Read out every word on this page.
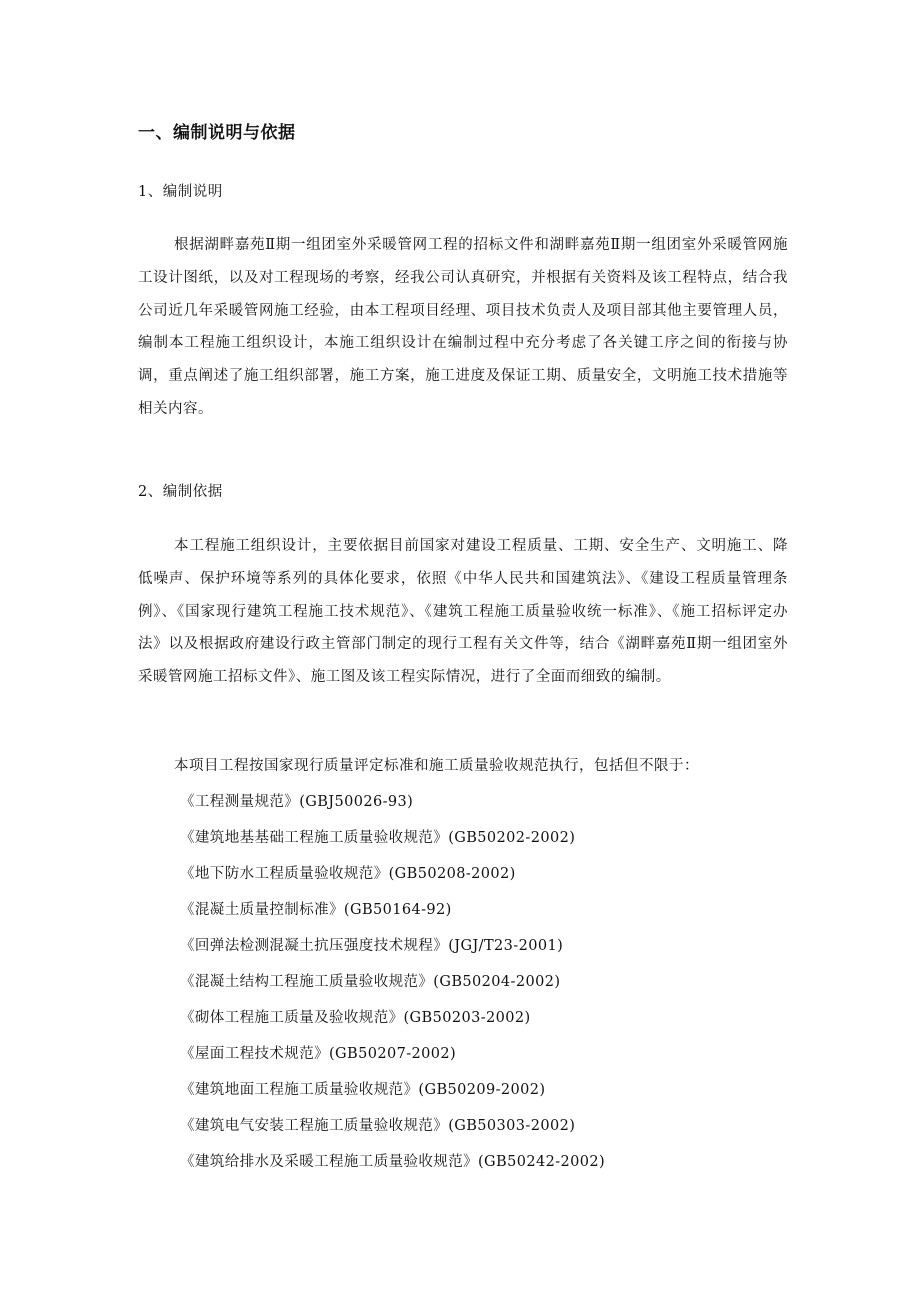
一、编制说明与依据
1、编制说明

根据湖畔嘉苑Ⅱ期一组团室外采暖管网工程的招标文件和湖畔嘉苑Ⅱ期一组团室外采暖管网施工设计图纸，以及对工程现场的考察，经我公司认真研究，并根据有关资料及该工程特点，结合我公司近几年采暖管网施工经验，由本工程项目经理、项目技术负责人及项目部其他主要管理人员，编制本工程施工组织设计，本施工组织设计在编制过程中充分考虑了各关键工序之间的衔接与协调，重点阐述了施工组织部署，施工方案，施工进度及保证工期、质量安全，文明施工技术措施等相关内容。

2、编制依据

本工程施工组织设计，主要依据目前国家对建设工程质量、工期、安全生产、文明施工、降低噪声、保护环境等系列的具体化要求，依照《中华人民共和国建筑法》、《建设工程质量管理条例》、《国家现行建筑工程施工技术规范》、《建筑工程施工质量验收统一标准》、《施工招标评定办法》以及根据政府建设行政主管部门制定的现行工程有关文件等，结合《湖畔嘉苑Ⅱ期一组团室外采暖管网施工招标文件》、施工图及该工程实际情况，进行了全面而细致的编制。

本项目工程按国家现行质量评定标准和施工质量验收规范执行，包括但不限于：

《工程测量规范》(GBJ50026-93)
《建筑地基基础工程施工质量验收规范》(GB50202-2002)
《地下防水工程质量验收规范》(GB50208-2002)
《混凝土质量控制标准》(GB50164-92)
《回弹法检测混凝土抗压强度技术规程》(JGJ/T23-2001)
《混凝土结构工程施工质量验收规范》(GB50204-2002)
《砌体工程施工质量及验收规范》(GB50203-2002)
《屋面工程技术规范》(GB50207-2002)
《建筑地面工程施工质量验收规范》(GB50209-2002)
《建筑电气安装工程施工质量验收规范》(GB50303-2002)
《建筑给排水及采暖工程施工质量验收规范》(GB50242-2002)
